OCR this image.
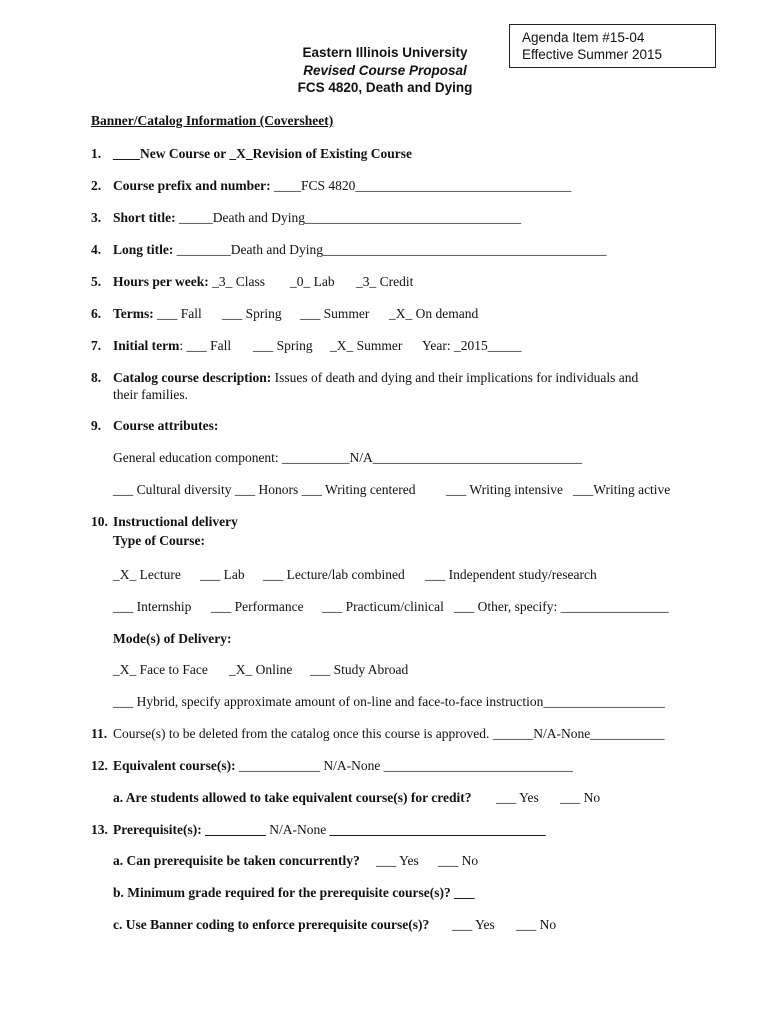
Agenda Item #15-04
Effective Summer 2015
Eastern Illinois University
Revised Course Proposal
FCS 4820, Death and Dying
Banner/Catalog Information (Coversheet)
1. ____New Course or _X_Revision of Existing Course
2. Course prefix and number: ____FCS 4820________________________________
3. Short title: _____Death and Dying________________________________
4. Long title: ________Death and Dying__________________________________________
5. Hours per week: _3_ Class _0_ Lab _3_ Credit
6. Terms: ___ Fall ___ Spring ___ Summer _X_ On demand
7. Initial term: ___ Fall ___ Spring _X_ Summer Year: _2015_____
8. Catalog course description: Issues of death and dying and their implications for individuals and
their families.
9. Course attributes:
General education component: __________N/A_______________________________
___ Cultural diversity ___ Honors ___ Writing centered ___ Writing intensive ___Writing active
10. Instructional delivery
Type of Course:
_X_ Lecture ___ Lab ___ Lecture/lab combined ___ Independent study/research
___ Internship ___ Performance ___ Practicum/clinical ___ Other, specify: ________________
Mode(s) of Delivery:
_X_ Face to Face _X_ Online ___ Study Abroad
___ Hybrid, specify approximate amount of on-line and face-to-face instruction__________________
11. Course(s) to be deleted from the catalog once this course is approved. ______N/A-None___________
12. Equivalent course(s): ____________ N/A-None ____________________________
a. Are students allowed to take equivalent course(s) for credit? ___ Yes ___ No
13. Prerequisite(s): _________ N/A-None ________________________________
a. Can prerequisite be taken concurrently? ___ Yes ___ No
b. Minimum grade required for the prerequisite course(s)? ___
c. Use Banner coding to enforce prerequisite course(s)? ___ Yes ___ No
